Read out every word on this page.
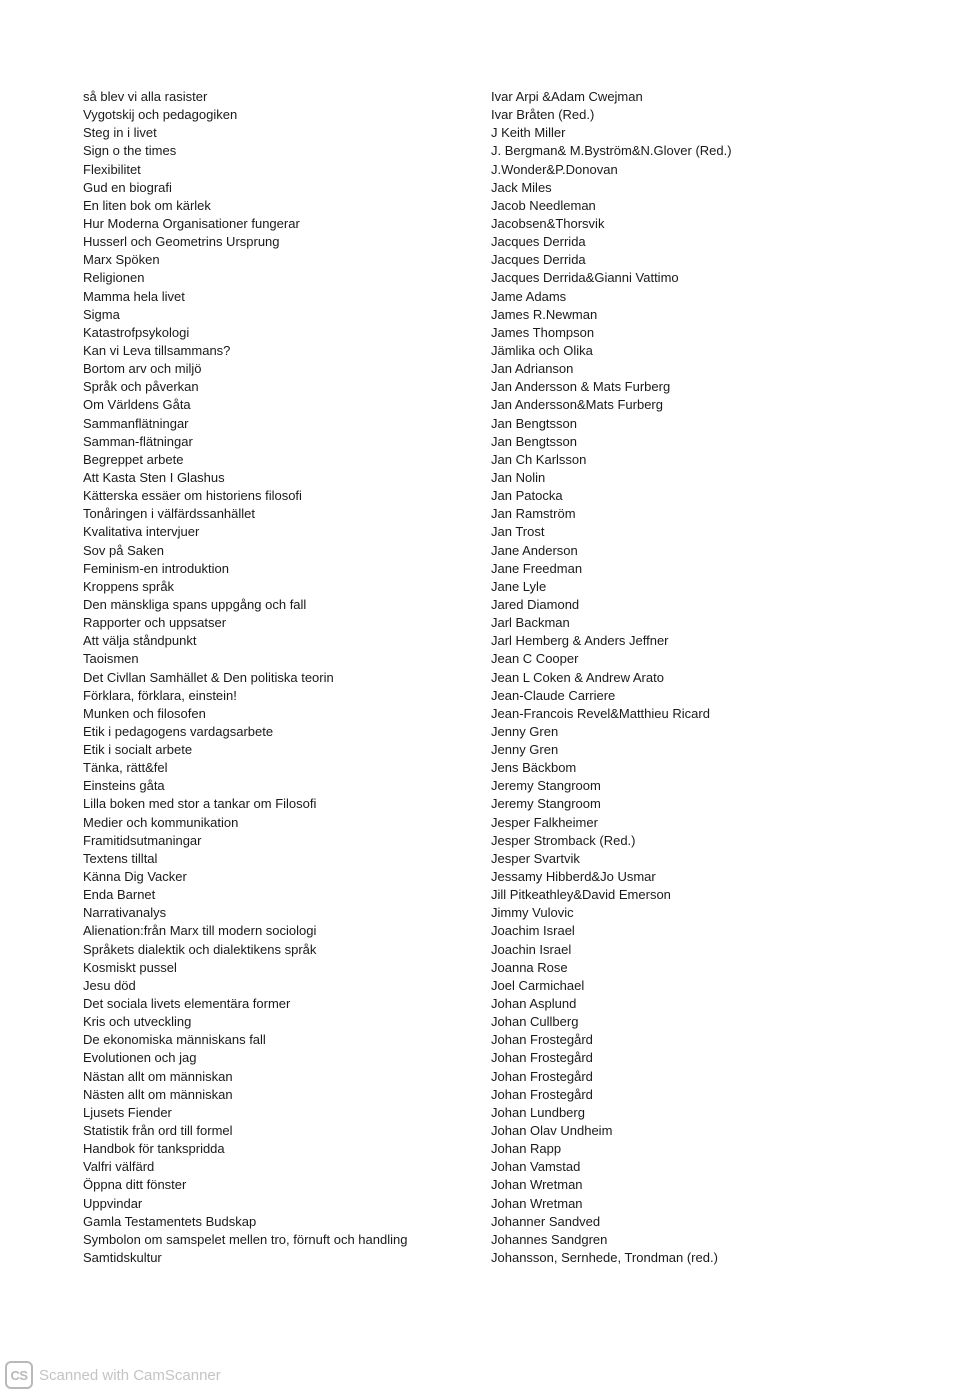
så blev vi alla rasister
Vygotskij och pedagogiken
Steg in i livet
Sign o the times
Flexibilitet
Gud en biografi
En liten bok om kärlek
Hur Moderna Organisationer fungerar
Husserl och Geometrins Ursprung
Marx Spöken
Religionen
Mamma hela livet
Sigma
Katastrofpsykologi
Kan vi Leva tillsammans?
Bortom arv och miljö
Språk och påverkan
Om Världens Gåta
Sammanflätningar
Samman-flätningar
Begreppet arbete
Att Kasta Sten I Glashus
Kätterska essäer om historiens filosofi
Tonåringen i välfärdssanhället
Kvalitativa intervjuer
Sov på Saken
Feminism-en introduktion
Kroppens språk
Den mänskliga spans uppgång och fall
Rapporter och uppsatser
Att välja ståndpunkt
Taoismen
Det Civllan Samhället & Den politiska teorin
Förklara, förklara, einstein!
Munken och filosofen
Etik i pedagogens vardagsarbete
Etik i socialt arbete
Tänka, rätt&fel
Einsteins gåta
Lilla boken med stor a tankar om Filosofi
Medier och kommunikation
Framitidsutmaningar
Textens tilltal
Känna Dig Vacker
Enda Barnet
Narrativanalys
Alienation:från Marx till modern sociologi
Språkets dialektik och dialektikens språk
Kosmiskt pussel
Jesu död
Det sociala livets elementära former
Kris och utveckling
De ekonomiska människans fall
Evolutionen och jag
Nästan allt om människan
Nästen allt om människan
Ljusets Fiender
Statistik från ord till formel
Handbok för tankspridda
Valfri välfärd
Öppna ditt fönster
Uppvindar
Gamla Testamentets Budskap
Symbolon om samspelet mellen tro, förnuft och handling
Samtidskultur
Ivar Arpi &Adam Cwejman
Ivar Bråten (Red.)
J Keith Miller
J. Bergman& M.Byström&N.Glover (Red.)
J.Wonder&P.Donovan
Jack Miles
Jacob Needleman
Jacobsen&Thorsvik
Jacques Derrida
Jacques Derrida
Jacques Derrida&Gianni Vattimo
Jame Adams
James R.Newman
James Thompson
Jämlika och Olika
Jan Adrianson
Jan Andersson & Mats Furberg
Jan Andersson&Mats Furberg
Jan Bengtsson
Jan Bengtsson
Jan Ch Karlsson
Jan Nolin
Jan Patocka
Jan Ramström
Jan Trost
Jane Anderson
Jane Freedman
Jane Lyle
Jared Diamond
Jarl Backman
Jarl Hemberg & Anders Jeffner
Jean C Cooper
Jean L Coken & Andrew Arato
Jean-Claude Carriere
Jean-Francois Revel&Matthieu Ricard
Jenny Gren
Jenny Gren
Jens Bäckbom
Jeremy Stangroom
Jeremy Stangroom
Jesper Falkheimer
Jesper Stromback (Red.)
Jesper Svartvik
Jessamy Hibberd&Jo Usmar
Jill Pitkeathley&David Emerson
Jimmy Vulovic
Joachim Israel
Joachin Israel
Joanna Rose
Joel Carmichael
Johan Asplund
Johan Cullberg
Johan Frostegård
Johan Frostegård
Johan Frostegård
Johan Frostegård
Johan Lundberg
Johan Olav Undheim
Johan Rapp
Johan Vamstad
Johan Wretman
Johan Wretman
Johanner Sandved
Johannes Sandgren
Johansson, Sernhede, Trondman (red.)
CS Scanned with CamScanner
